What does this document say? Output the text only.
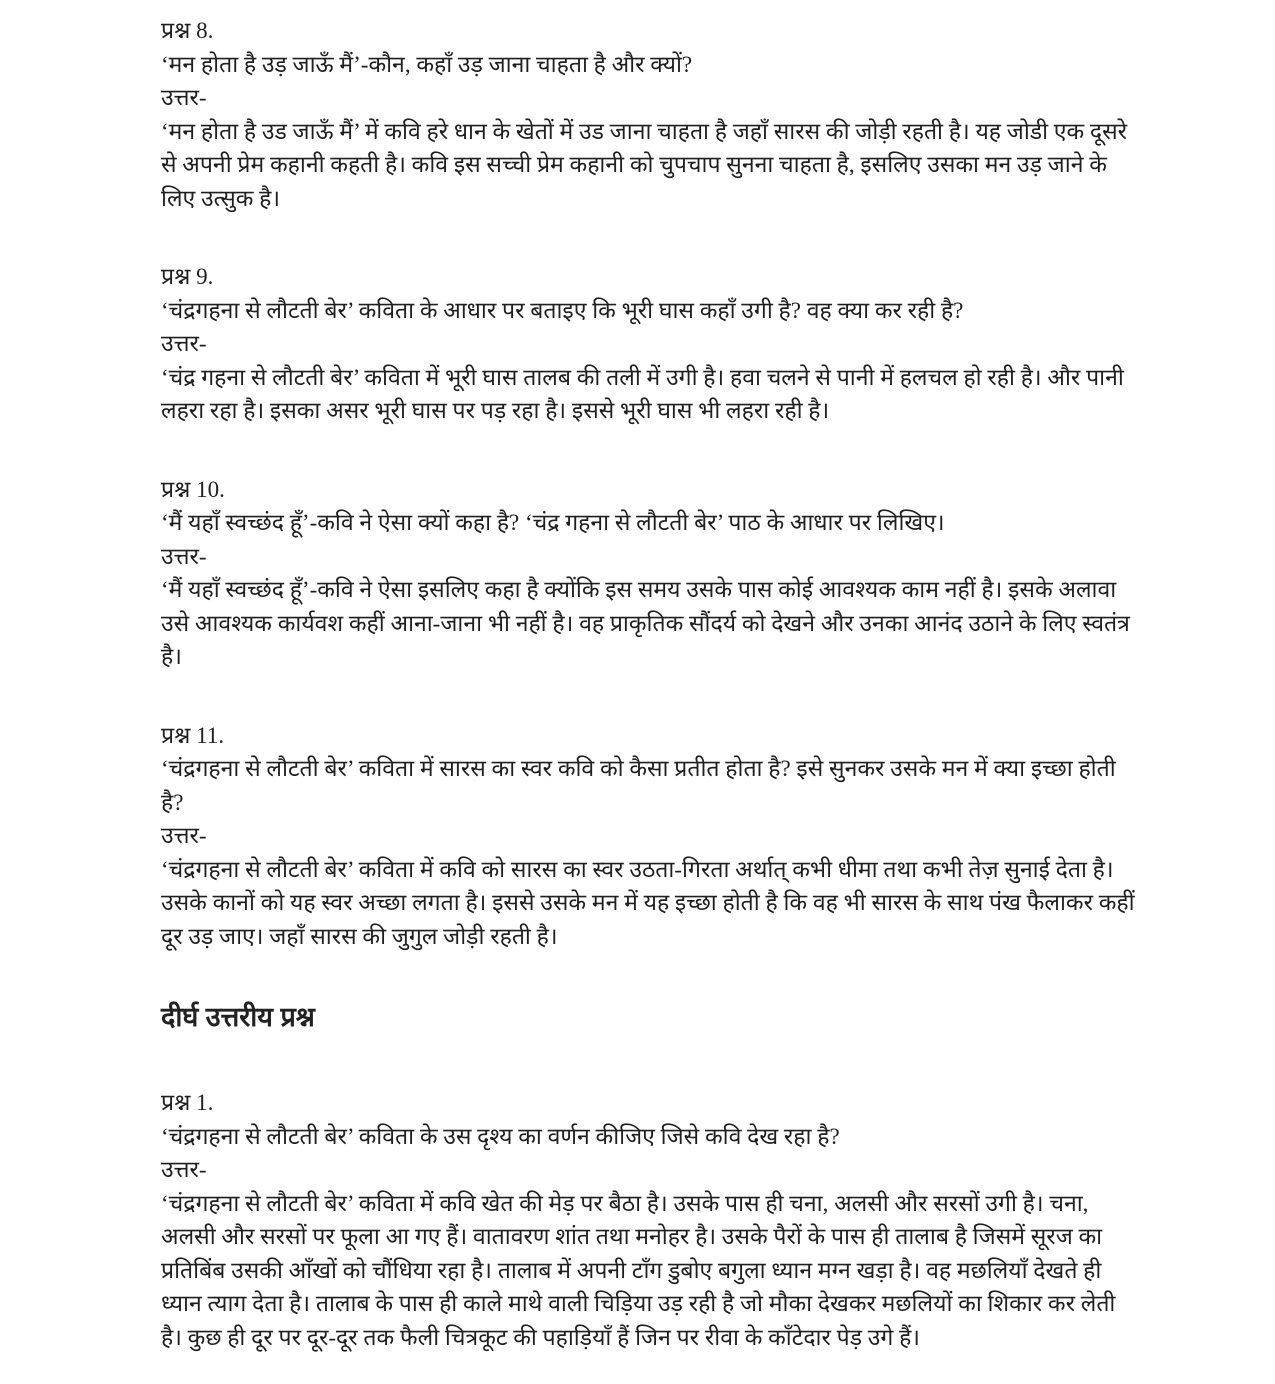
प्रश्न 8.

‘मन होता है उड़ जाऊँ मैं’-कौन, कहाँ उड़ जाना चाहता है और क्यों?

उत्तर-

‘मन होता है उड जाऊँ मैं’ में कवि हरे धान के खेतों में उड जाना चाहता है जहाँ सारस की जोड़ी रहती है। यह जोडी एक दूसरे से अपनी प्रेम कहानी कहती है। कवि इस सच्ची प्रेम कहानी को चुपचाप सुनना चाहता है, इसलिए उसका मन उड़ जाने के लिए उत्सुक है।

प्रश्न 9.

‘चंद्रगहना से लौटती बेर’ कविता के आधार पर बताइए कि भूरी घास कहाँ उगी है? वह क्या कर रही है?

उत्तर-

‘चंद्र गहना से लौटती बेर’ कविता में भूरी घास तालब की तली में उगी है। हवा चलने से पानी में हलचल हो रही है। और पानी लहरा रहा है। इसका असर भूरी घास पर पड़ रहा है। इससे भूरी घास भी लहरा रही है।

प्रश्न 10.

‘मैं यहाँ स्वच्छंद हूँ’-कवि ने ऐसा क्यों कहा है? ‘चंद्र गहना से लौटती बेर’ पाठ के आधार पर लिखिए।

उत्तर-

‘मैं यहाँ स्वच्छंद हूँ’-कवि ने ऐसा इसलिए कहा है क्योंकि इस समय उसके पास कोई आवश्यक काम नहीं है। इसके अलावा उसे आवश्यक कार्यवश कहीं आना-जाना भी नहीं है। वह प्राकृतिक सौंदर्य को देखने और उनका आनंद उठाने के लिए स्वतंत्र है।

प्रश्न 11.

‘चंद्रगहना से लौटती बेर’ कविता में सारस का स्वर कवि को कैसा प्रतीत होता है? इसे सुनकर उसके मन में क्या इच्छा होती है?

उत्तर-

‘चंद्रगहना से लौटती बेर’ कविता में कवि को सारस का स्वर उठता-गिरता अर्थात् कभी धीमा तथा कभी तेज़ सुनाई देता है। उसके कानों को यह स्वर अच्छा लगता है। इससे उसके मन में यह इच्छा होती है कि वह भी सारस के साथ पंख फैलाकर कहीं दूर उड़ जाए। जहाँ सारस की जुगुल जोड़ी रहती है।

दीर्घ उत्तरीय प्रश्न

प्रश्न 1.

‘चंद्रगहना से लौटती बेर’ कविता के उस दृश्य का वर्णन कीजिए जिसे कवि देख रहा है?

उत्तर-

‘चंद्रगहना से लौटती बेर’ कविता में कवि खेत की मेड़ पर बैठा है। उसके पास ही चना, अलसी और सरसों उगी है। चना, अलसी और सरसों पर फूला आ गए हैं। वातावरण शांत तथा मनोहर है। उसके पैरों के पास ही तालाब है जिसमें सूरज का प्रतिबिंब उसकी आँखों को चौंधिया रहा है। तालाब में अपनी टाँग डुबोए बगुला ध्यान मग्न खड़ा है। वह मछलियाँ देखते ही ध्यान त्याग देता है। तालाब के पास ही काले माथे वाली चिड़िया उड़ रही है जो मौका देखकर मछलियों का शिकार कर लेती है। कुछ ही दूर पर दूर-दूर तक फैली चित्रकूट की पहाड़ियाँ हैं जिन पर रीवा के काँटेदार पेड़ उगे हैं।
